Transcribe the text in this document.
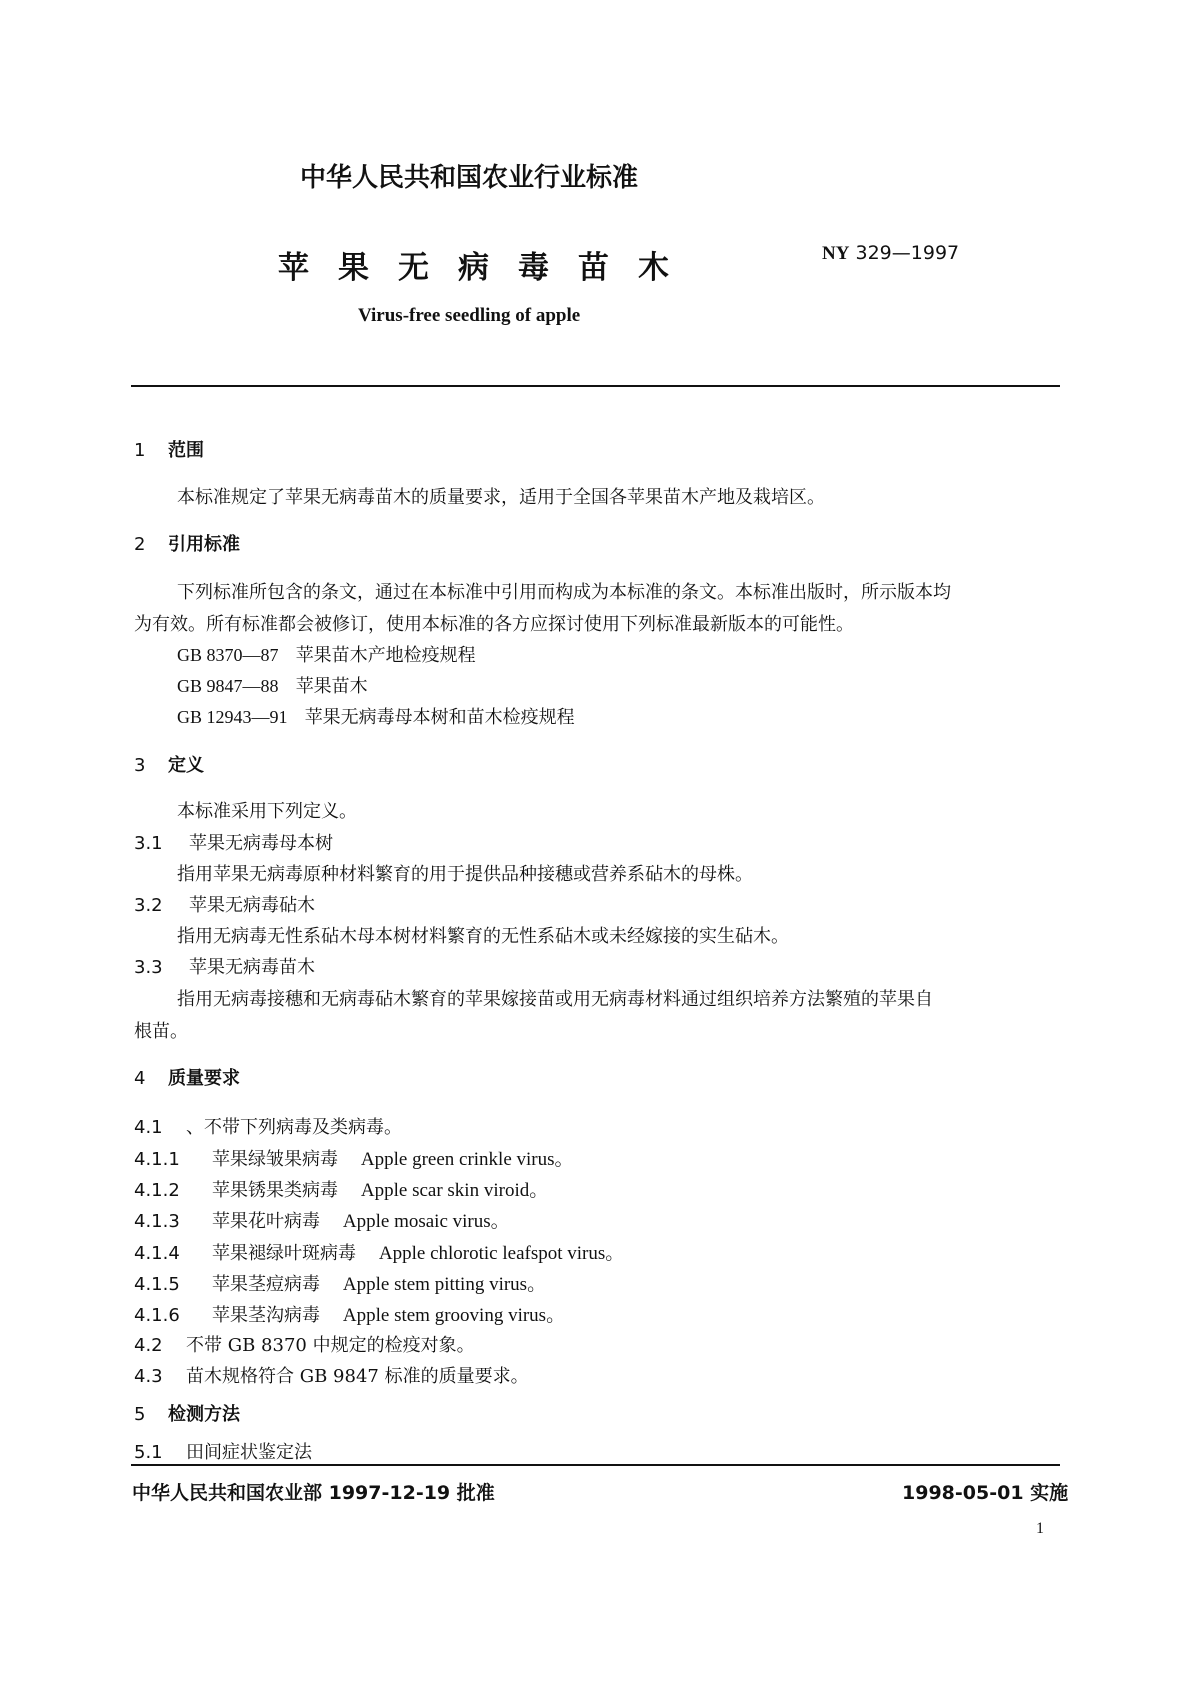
中华人民共和国农业行业标准
苹果无病毒苗木	NY 329—1997
Virus-free seedling of apple
1 范围
本标准规定了苹果无病毒苗木的质量要求，适用于全国各苹果苗木产地及栽培区。
2 引用标准
下列标准所包含的条文，通过在本标准中引用而构成为本标准的条文。本标准出版时，所示版本均
为有效。所有标准都会被修订，使用本标准的各方应探讨使用下列标准最新版本的可能性。
GB 8370—87 苹果苗木产地检疫规程
GB 9847—88 苹果苗木
GB 12943—91 苹果无病毒母本树和苗木检疫规程
3 定义
本标准采用下列定义。
3.1 苹果无病毒母本树
指用苹果无病毒原种材料繁育的用于提供品种接穗或营养系砧木的母株。
3.2 苹果无病毒砧木
指用无病毒无性系砧木母本树材料繁育的无性系砧木或未经嫁接的实生砧木。
3.3 苹果无病毒苗木
指用无病毒接穗和无病毒砧木繁育的苹果嫁接苗或用无病毒材料通过组织培养方法繁殖的苹果自
根苗。
4 质量要求
4.1 、不带下列病毒及类病毒。
4.1.1 苹果绿皱果病毒 Apple green crinkle virus。
4.1.2 苹果锈果类病毒 Apple scar skin viroid。
4.1.3 苹果花叶病毒 Apple mosaic virus。
4.1.4 苹果褪绿叶斑病毒 Apple chlorotic leafspot virus。
4.1.5 苹果茎痘病毒 Apple stem pitting virus。
4.1.6 苹果茎沟病毒 Apple stem grooving virus。
4.2 不带 GB 8370 中规定的检疫对象。
4.3 苗木规格符合 GB 9847 标准的质量要求。
5 检测方法
5.1 田间症状鉴定法
中华人民共和国农业部 1997-12-19 批准	1998-05-01 实施
1
